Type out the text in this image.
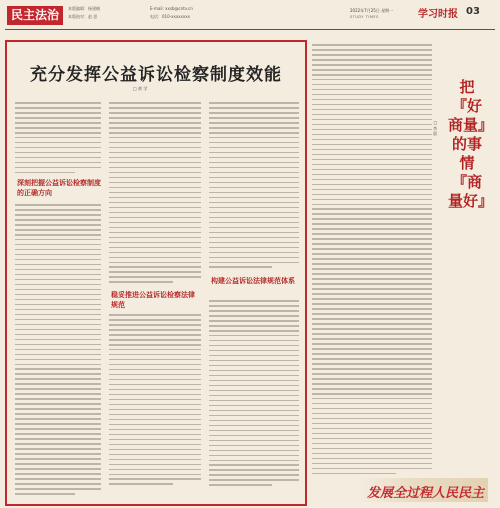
民主法治	本版编辑：杨建楠
本版校对：赵 思
E-mail: xxsb@cntv.cn
电话：010-xxxxxxxx
2022年7月25日 星期一 学习时报
STUDY TIMES	03
充分发挥公益诉讼检察制度效能
□ 黄 学
深刻把握公益诉讼检察制度的正确方向
稳妥推进公益诉讼检察法律规范
构建公益诉讼法律规范体系
把
『好商量』
的事情
『商量好』
□ 李 晨
发展全过程人民民主
